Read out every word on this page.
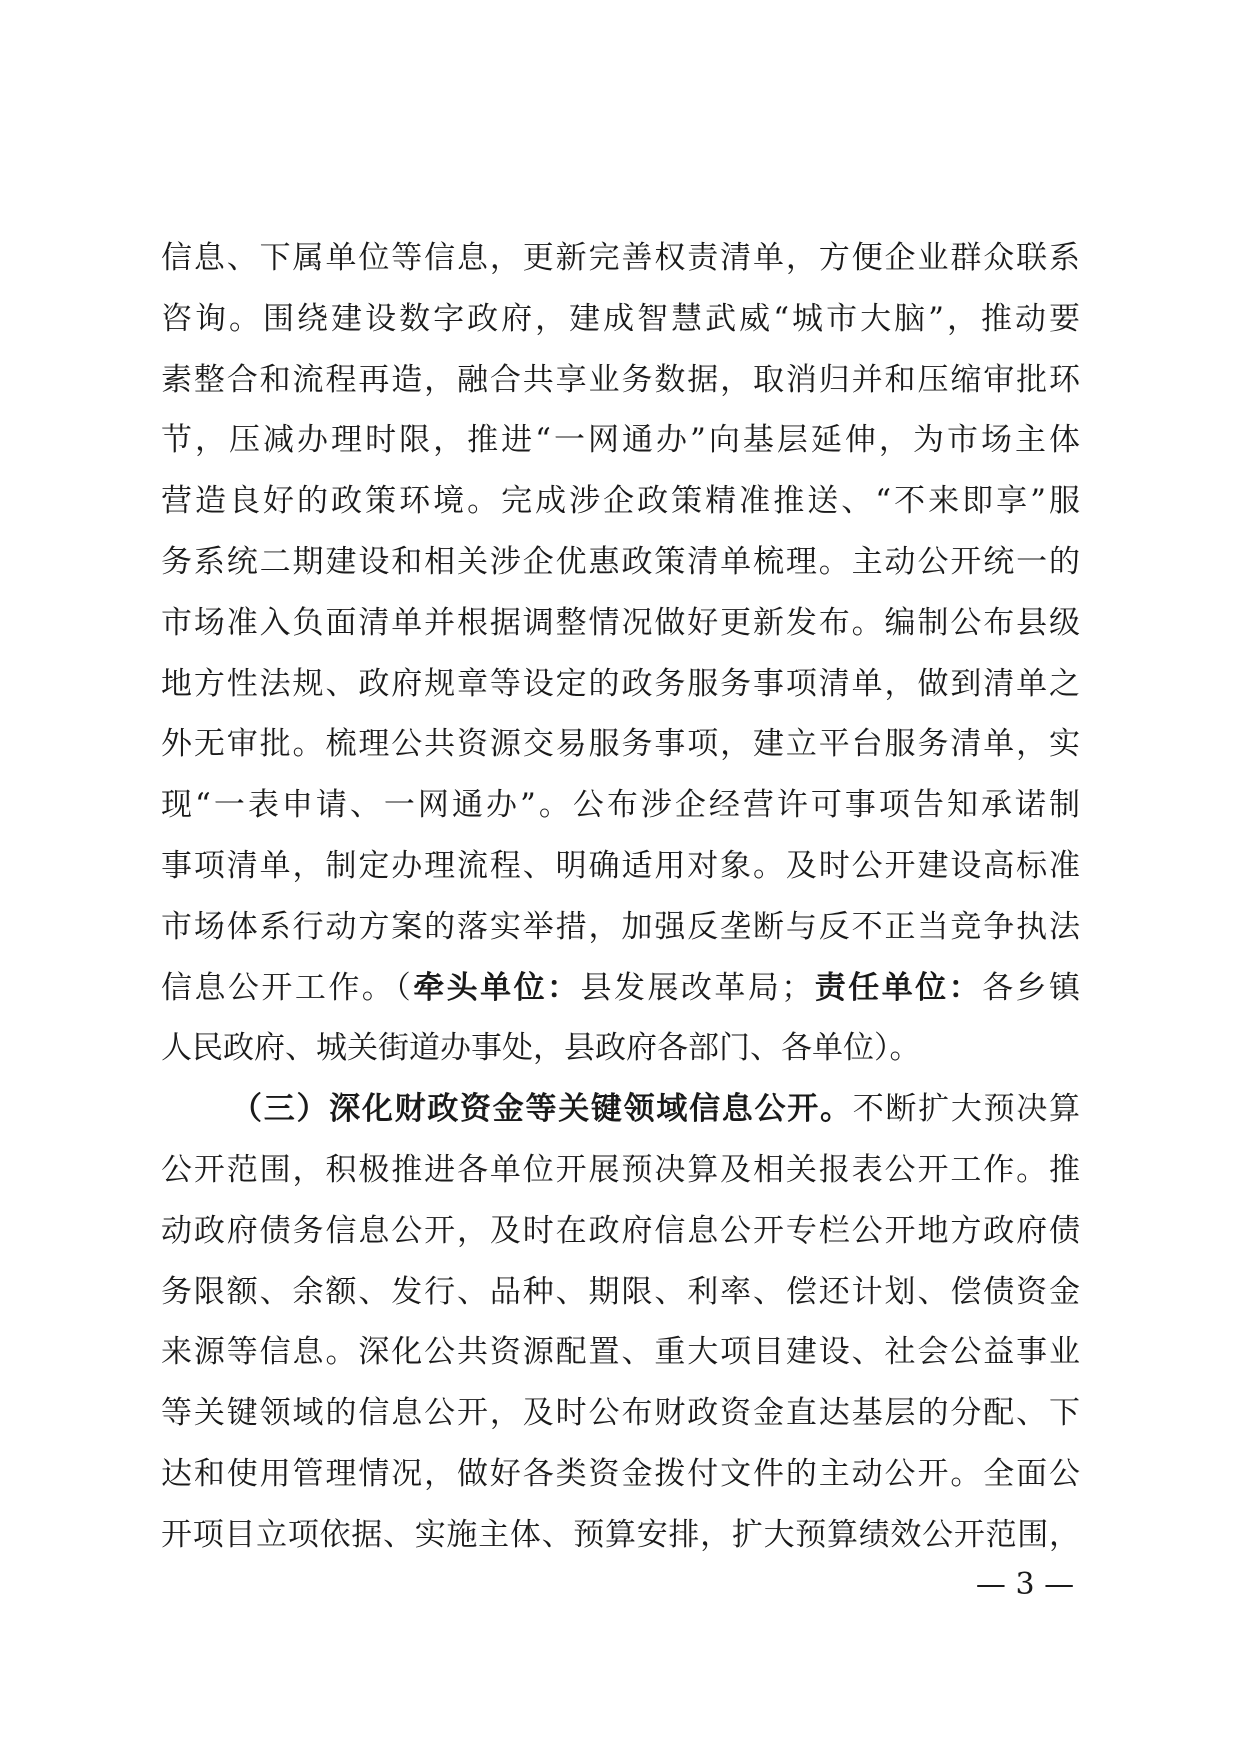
信息、下属单位等信息，更新完善权责清单，方便企业群众联系
咨询。围绕建设数字政府，建成智慧武威“城市大脑”，推动要
素整合和流程再造，融合共享业务数据，取消归并和压缩审批环
节，压减办理时限，推进“一网通办”向基层延伸，为市场主体
营造良好的政策环境。完成涉企政策精准推送、“不来即享”服
务系统二期建设和相关涉企优惠政策清单梳理。主动公开统一的
市场准入负面清单并根据调整情况做好更新发布。编制公布县级
地方性法规、政府规章等设定的政务服务事项清单，做到清单之
外无审批。梳理公共资源交易服务事项，建立平台服务清单，实
现“一表申请、一网通办”。公布涉企经营许可事项告知承诺制
事项清单，制定办理流程、明确适用对象。及时公开建设高标准
市场体系行动方案的落实举措，加强反垄断与反不正当竞争执法
信息公开工作。（牵头单位：县发展改革局；责任单位：各乡镇
人民政府、城关街道办事处，县政府各部门、各单位）。
（三）深化财政资金等关键领域信息公开。不断扩大预决算
公开范围，积极推进各单位开展预决算及相关报表公开工作。推
动政府债务信息公开，及时在政府信息公开专栏公开地方政府债
务限额、余额、发行、品种、期限、利率、偿还计划、偿债资金
来源等信息。深化公共资源配置、重大项目建设、社会公益事业
等关键领域的信息公开，及时公布财政资金直达基层的分配、下
达和使用管理情况，做好各类资金拨付文件的主动公开。全面公
开项目立项依据、实施主体、预算安排，扩大预算绩效公开范围，
— 3 —
